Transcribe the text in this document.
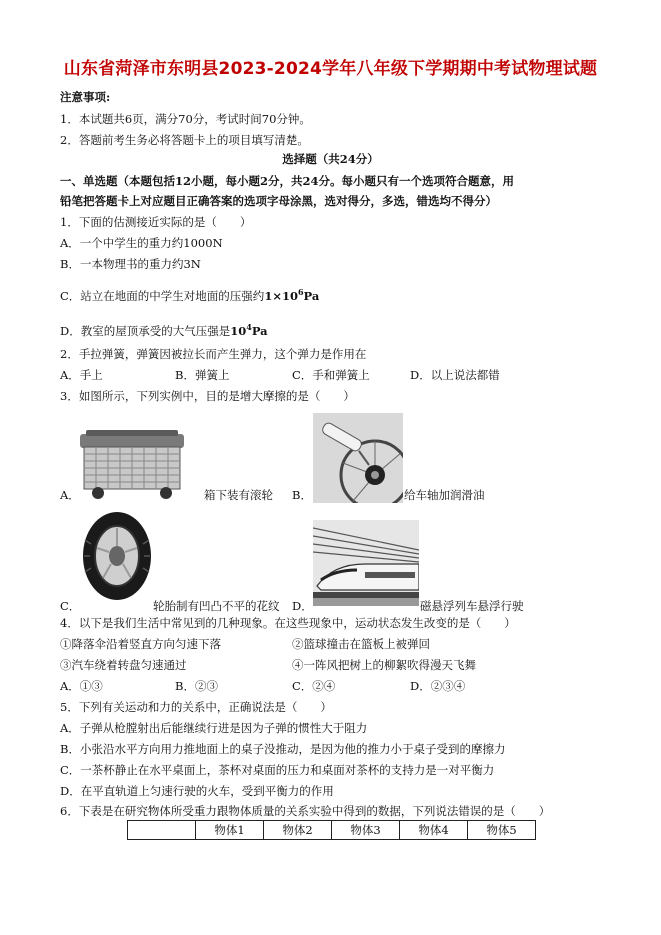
山东省菏泽市东明县2023-2024学年八年级下学期期中考试物理试题
注意事项:
1．本试题共6页，满分70分，考试时间70分钟。
2．答题前考生务必将答题卡上的项目填写清楚。
选择题（共24分）
一、单选题（本题包括12小题，每小题2分，共24分。每小题只有一个选项符合题意，用
铅笔把答题卡上对应题目正确答案的选项字母涂黑，选对得分，多选，错选均不得分）
1．下面的估测接近实际的是（　　）
A．一个中学生的重力约1000N
B．一本物理书的重力约3N
C．站立在地面的中学生对地面的压强约$1\times 10^6Pa$
D．教室的屋顶承受的大气压强是$10^4Pa$
2．手拉弹簧，弹簧因被拉长而产生弹力，这个弹力是作用在
A．手上	B．弹簧上	C．手和弹簧上	D．以上说法都错
3．如图所示，下列实例中，目的是增大摩擦的是（　　）
A．	箱下装有滚轮 B．	给车轴加润滑油
C．	轮胎制有凹凸不平的花纹 D．	磁悬浮列车悬浮行驶
4．以下是我们生活中常见到的几种现象。在这些现象中，运动状态发生改变的是（　　）
①降落伞沿着竖直方向匀速下落	②篮球撞击在篮板上被弹回
③汽车绕着转盘匀速通过	④一阵风把树上的柳絮吹得漫天飞舞
A．①③	B．②③	C．②④	D．②③④
5．下列有关运动和力的关系中，正确说法是（　　）
A．子弹从枪膛射出后能继续行进是因为子弹的惯性大于阻力
B．小张沿水平方向用力推地面上的桌子没推动，是因为他的推力小于桌子受到的摩擦力
C．一茶杯静止在水平桌面上，茶杯对桌面的压力和桌面对茶杯的支持力是一对平衡力
D．在平直轨道上匀速行驶的火车，受到平衡力的作用
6．下表是在研究物体所受重力跟物体质量的关系实验中得到的数据，下列说法错误的是（　　）
	物体1	物体2	物体3	物体4	物体5
